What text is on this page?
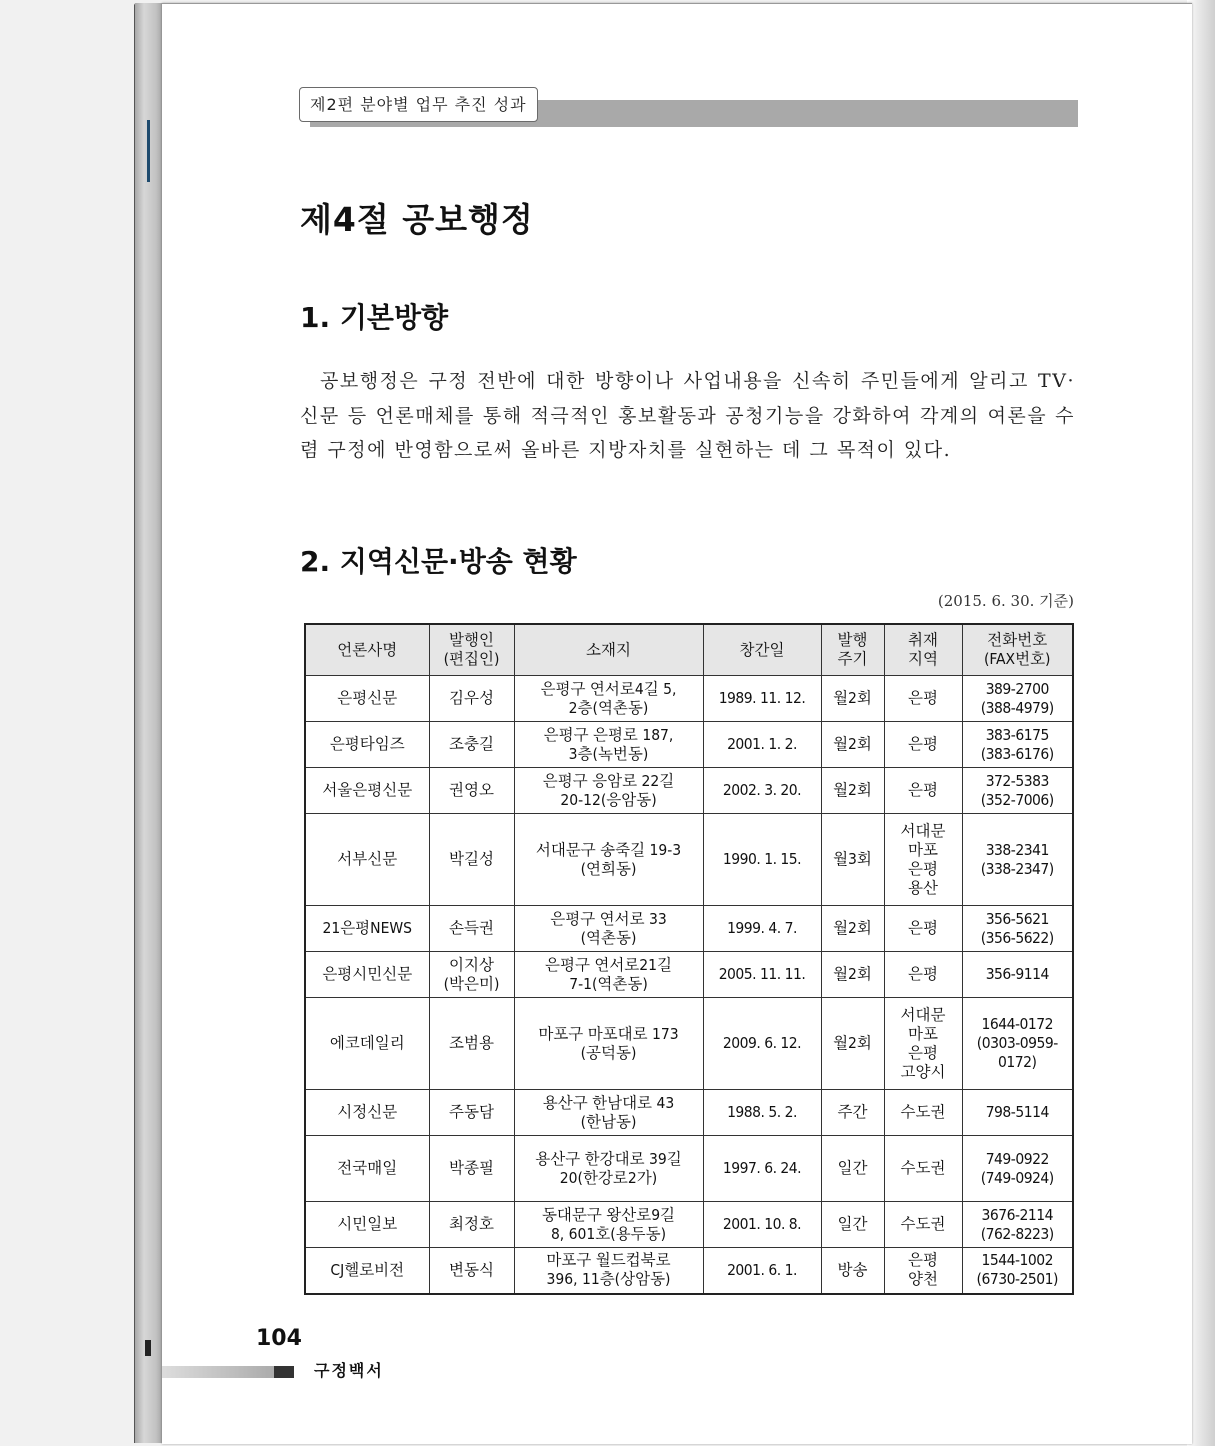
제2편 분야별 업무 추진 성과
제4절 공보행정
1. 기본방향

공보행정은 구정 전반에 대한 방향이나 사업내용을 신속히 주민들에게 알리고 TV·신문 등 언론매체를 통해 적극적인 홍보활동과 공청기능을 강화하여 각계의 여론을 수렴 구정에 반영함으로써 올바른 지방자치를 실현하는 데 그 목적이 있다.

2. 지역신문·방송 현황
(2015. 6. 30. 기준)
언론사명	발행인
(편집인)	소재지	창간일	발행
주기	취재
지역	전화번호
(FAX번호)

은평신문	김우성	은평구 연서로4길 5,
2층(역촌동)	1989. 11. 12.	월2회	은평	389-2700
(388-4979)

은평타임즈	조충길	은평구 은평로 187,
3층(녹번동)	2001. 1. 2.	월2회	은평	383-6175
(383-6176)

서울은평신문	권영오	은평구 응암로 22길
20-12(응암동)	2002. 3. 20.	월2회	은평	372-5383
(352-7006)

서부신문	박길성	서대문구 송죽길 19-3
(연희동)	1990. 1. 15.	월3회	서대문
마포
은평
용산	338-2341
(338-2347)

21은평NEWS	손득권	은평구 연서로 33
(역촌동)	1999. 4. 7.	월2회	은평	356-5621
(356-5622)

은평시민신문	이지상
(박은미)	은평구 연서로21길
7-1(역촌동)	2005. 11. 11.	월2회	은평	356-9114

에코데일리	조범용	마포구 마포대로 173
(공덕동)	2009. 6. 12.	월2회	서대문
마포
은평
고양시	1644-0172
(0303-0959-
0172)

시정신문	주동담	용산구 한남대로 43
(한남동)	1988. 5. 2.	주간	수도권	798-5114

전국매일	박종필	용산구 한강대로 39길
20(한강로2가)	1997. 6. 24.	일간	수도권	749-0922
(749-0924)

시민일보	최정호	동대문구 왕산로9길
8, 601호(용두동)	2001. 10. 8.	일간	수도권	3676-2114
(762-8223)

CJ헬로비전	변동식	마포구 월드컵북로
396, 11층(상암동)	2001. 6. 1.	방송	은평
양천	1544-1002
(6730-2501)
104
구정백서
